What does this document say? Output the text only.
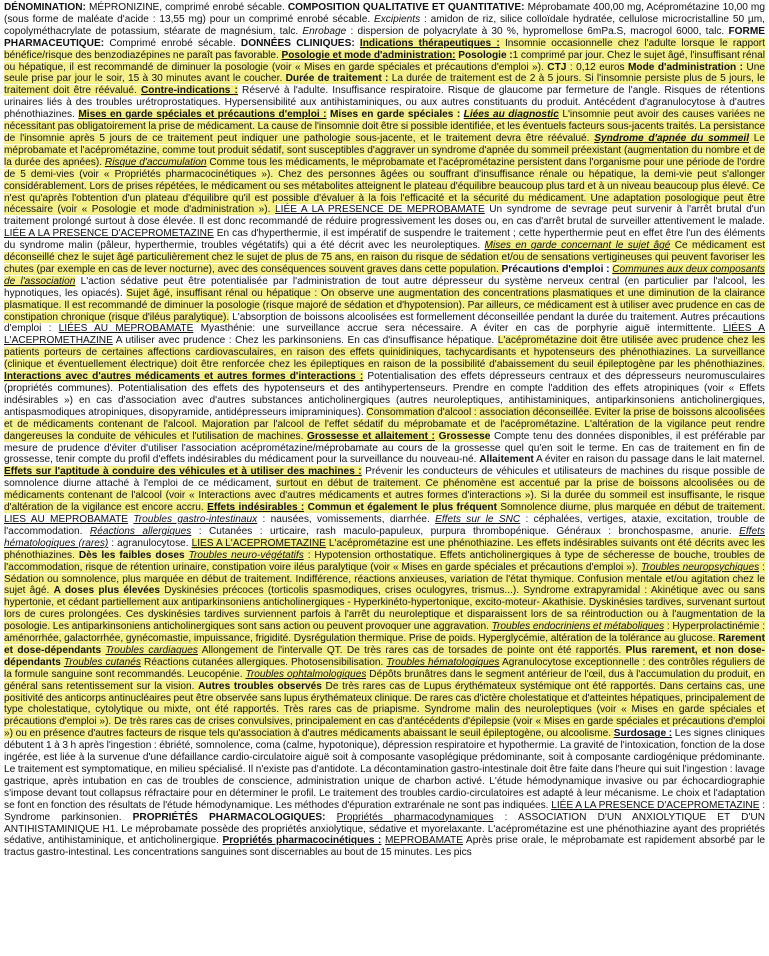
DÉNOMINATION: MÉPRONIZINE, comprimé enrobé sécable. COMPOSITION QUALITATIVE ET QUANTITATIVE: Méprobamate 400,00 mg, Acéprométazine 10,00 mg (sous forme de maléate d'acide : 13,55 mg) pour un comprimé enrobé sécable. Excipients : amidon de riz, silice colloïdale hydratée, cellulose microcristalline 50 µm, copolyméthacrylate de potassium, stéarate de magnésium, talc. Enrobage : dispersion de polyacrylate à 30 %, hypromellose 6mPa.S, macrogol 6000, talc. FORME PHARMACEUTIQUE: Comprimé enrobé sécable. DONNÉES CLINIQUES: Indications thérapeutiques : Insomnie occasionnelle chez l'adulte lorsque le rapport bénéfice/risque des benzodiazépines ne paraît pas favorable. Posologie et mode d'administration: Posologie :1 comprimé par jour. Chez le sujet âgé, l'insuffisant rénal ou hépatique, il est recommandé de diminuer la posologie (voir « Mises en garde spéciales et précautions d'emploi »). CTJ : 0,12 euros Mode d'administration : Une seule prise par jour le soir, 15 à 30 minutes avant le coucher. Durée de traitement : La durée de traitement est de 2 à 5 jours. Si l'insomnie persiste plus de 5 jours, le traitement doit être réévalué. Contre-indications : Réservé à l'adulte. Insuffisance respiratoire. Risque de glaucome par fermeture de l'angle. Risques de rétentions urinaires liés à des troubles urétroprostatiques. Hypersensibilité aux antihistaminiques, ou aux autres constituants du produit. Antécédent d'agranulocytose à d'autres phénothiazines. Mises en garde spéciales et précautions d'emploi : Mises en garde spéciales : Liées au diagnostic L'insomnie peut avoir des causes variées ne nécessitant pas obligatoirement la prise de médicament. La cause de l'insomnie doit être si possible identifiée, et les éventuels facteurs sous-jacents traités. La persistance de l'insomnie après 5 jours de ce traitement peut indiquer une pathologie sous-jacente, et le traitement devra être réévalué. Syndrome d'apnée du sommeil Le méprobamate et l'acéprométazine, comme tout produit sédatif, sont susceptibles d'aggraver un syndrome d'apnée du sommeil préexistant (augmentation du nombre et de la durée des apnées). Risque d'accumulation Comme tous les médicaments, le méprobamate et l'acéprométazine persistent dans l'organisme pour une période de l'ordre de 5 demi-vies (voir « Propriétés pharmacocinétiques »). Chez des personnes âgées ou souffrant d'insuffisance rénale ou hépatique, la demi-vie peut s'allonger considérablement. Lors de prises répétées, le médicament ou ses métabolites atteignent le plateau d'équilibre beaucoup plus tard et à un niveau beaucoup plus élevé. Ce n'est qu'après l'obtention d'un plateau d'équilibre qu'il est possible d'évaluer à la fois l'efficacité et la sécurité du médicament. Une adaptation posologique peut être nécessaire (voir « Posologie et mode d'administration »). LIÉE A LA PRESENCE DE MEPROBAMATE Un syndrome de sevrage peut survenir à l'arrêt brutal d'un traitement prolongé surtout à dose élevée. Il est donc recommandé de réduire progressivement les doses ou, en cas d'arrêt brutal de surveiller attentivement le malade. LIÉE A LA PRESENCE D'ACEPROMETAZINE En cas d'hyperthermie, il est impératif de suspendre le traitement ; cette hyperthermie peut en effet être l'un des éléments du syndrome malin (pâleur, hyperthermie, troubles végétatifs) qui a été décrit avec les neuroleptiques. Mises en garde concernant le sujet âgé Ce médicament est déconseillé chez le sujet âgé particulièrement chez le sujet de plus de 75 ans, en raison du risque de sédation et/ou de sensations vertigineuses qui peuvent favoriser les chutes (par exemple en cas de lever nocturne), avec des conséquences souvent graves dans cette population. Précautions d'emploi : Communes aux deux composants de l'association L'action sédative peut être potentialisée par l'administration de tout autre dépresseur du système nerveux central (en particulier par l'alcool, les hypnotiques, les opiacés). Sujet âgé, insuffisant rénal ou hépatique : On observe une augmentation des concentrations plasmatiques et une diminution de la clairance plasmatique. Il est recommandé de diminuer la posologie (risque majoré de sédation et d'hypotension). Par ailleurs, ce médicament est à utiliser avec prudence en cas de constipation chronique (risque d'iléus paralytique). L'absorption de boissons alcoolisées est formellement déconseillée pendant la durée du traitement. Autres précautions d'emploi : LIÉES AU MEPROBAMATE Myasthénie: une surveillance accrue sera nécessaire. A éviter en cas de porphyrie aiguë intermittente. LIÉES A L'ACEPROMETHAZINE A utiliser avec prudence : Chez les parkinsoniens. En cas d'insuffisance hépatique. L'acéprométazine doit être utilisée avec prudence chez les patients porteurs de certaines affections cardiovasculaires, en raison des effets quinidiniques, tachycardisants et hypotenseurs des phénothiazines. La surveillance (clinique et éventuellement électrique) doit être renforcée chez les épileptiques en raison de la possibilité d'abaissement du seuil épileptogène par les phénothiazines. Interactions avec d'autres médicaments et autres formes d'interactions : Potentialisation des effets dépresseurs centraux et des dépresseurs neuromusculaires (propriétés communes). Potentialisation des effets des hypotenseurs et des antihypertenseurs. Prendre en compte l'addition des effets atropiniques (voir « Effets indésirables ») en cas d'association avec d'autres substances anticholinergiques (autres neuroleptiques, antihistaminiques, antiparkinsoniens anticholinergiques, antispasmodiques atropiniques, disopyramide, antidépresseurs imipraminiques). Consommation d'alcool : association déconseillée. Eviter la prise de boissons alcoolisées et de médicaments contenant de l'alcool. Majoration par l'alcool de l'effet sédatif du méprobamate et de l'acéprométazine. L'altération de la vigilance peut rendre dangereuses la conduite de véhicules et l'utilisation de machines. Grossesse et allaitement : Grossesse Compte tenu des données disponibles, il est préférable par mesure de prudence d'éviter d'utiliser l'association acéprométazine/méprobamate au cours de la grossesse quel qu'en soit le terme. En cas de traitement en fin de grossesse, tenir compte du profil d'effets indésirables du médicament pour la surveillance du nouveau-né. Allaitement A éviter en raison du passage dans le lait maternel. Effets sur l'aptitude à conduire des véhicules et à utiliser des machines : Prévenir les conducteurs de véhicules et utilisateurs de machines du risque possible de somnolence diurne attaché à l'emploi de ce médicament, surtout en début de traitement. Ce phénomène est accentué par la prise de boissons alcoolisées ou de médicaments contenant de l'alcool (voir « Interactions avec d'autres médicaments et autres formes d'interactions »). Si la durée du sommeil est insuffisante, le risque d'altération de la vigilance est encore accru. Effets indésirables : Commun et également le plus fréquent Somnolence diurne, plus marquée en début de traitement. LIES AU MEPROBAMATE Troubles gastro-intestinaux : nausées, vomissements, diarrhée. Effets sur le SNC : céphalées, vertiges, ataxie, excitation, trouble de l'accommodation. Réactions allergiques : Cutanées : urticaire, rash maculo-papuleux, purpura thrombopénique. Généraux : bronchospasme, anurie. Effets hématologiques (rares) : agranulocytose. LIES A L'ACEPROMETAZINE L'acéprométazine est une phénothiazine. Les effets indésirables suivants ont été décrits avec les phénothiazines. Dès les faibles doses Troubles neuro-végétatifs : Hypotension orthostatique. Effets anticholinergiques à type de sécheresse de bouche, troubles de l'accommodation, risque de rétention urinaire, constipation voire iléus paralytique (voir « Mises en garde spéciales et précautions d'emploi »). Troubles neuropsychiques : Sédation ou somnolence, plus marquée en début de traitement. Indifférence, réactions anxieuses, variation de l'état thymique. Confusion mentale et/ou agitation chez le sujet âgé. A doses plus élevées Dyskinésies précoces (torticolis spasmodiques, crises oculogyres, trismus...). Syndrome extrapyramidal : Akinétique avec ou sans hypertonie, et cédant partiellement aux antiparkinsoniens anticholinergiques - Hyperkinéto-hypertonique, excito-moteur- Akathisie. Dyskinésies tardives, survenant surtout lors de cures prolongées. Ces dyskinésies tardives surviennent parfois à l'arrêt du neuroleptique et disparaissent lors de sa réintroduction ou à l'augmentation de la posologie. Les antiparkinsoniens anticholinergiques sont sans action ou peuvent provoquer une aggravation. Troubles endocriniens et métaboliques : Hyperprolactinémie : aménorrhée, galactorrhée, gynécomastie, impuissance, frigidité. Dysrégulation thermique. Prise de poids. Hyperglycémie, altération de la tolérance au glucose. Rarement et dose-dépendants Troubles cardiaques Allongement de l'intervalle QT. De très rares cas de torsades de pointe ont été rapportés. Plus rarement, et non dose-dépendants Troubles cutanés Réactions cutanées allergiques. Photosensibilisation. Troubles hématologiques Agranulocytose exceptionnelle : des contrôles réguliers de la formule sanguine sont recommandés. Leucopénie. Troubles ophtalmologiques Dépôts brunâtres dans le segment antérieur de l'œil, dus à l'accumulation du produit, en général sans retentissement sur la vision. Autres troubles observés De très rares cas de Lupus érythémateux systémique ont été rapportés. Dans certains cas, une positivité des anticorps antinucléaires peut être observée sans lupus érythémateux clinique. De rares cas d'ictère cholestatique et d'atteintes hépatiques, principalement de type cholestatique, cytolytique ou mixte, ont été rapportés. Très rares cas de priapisme. Syndrome malin des neuroleptiques (voir « Mises en garde spéciales et précautions d'emploi »). De très rares cas de crises convulsives, principalement en cas d'antécédents d'épilepsie (voir « Mises en garde spéciales et précautions d'emploi ») ou en présence d'autres facteurs de risque tels qu'association à d'autres médicaments abaissant le seuil épileptogène, ou alcoolisme. Surdosage : Les signes cliniques débutent 1 à 3 h après l'ingestion : ébriété, somnolence, coma (calme, hypotonique), dépression respiratoire et hypothermie. La gravité de l'intoxication, fonction de la dose ingérée, est liée à la survenue d'une défaillance cardio-circulatoire aiguë soit à composante vasoplégique prédominante, soit à composante cardiogénique prédominante. Le traitement est symptomatique, en milieu spécialisé. Il n'existe pas d'antidote. La décontamination gastro-intestinale doit être faite dans l'heure qui suit l'ingestion : lavage gastrique, après intubation en cas de troubles de conscience, administration unique de charbon activé. L'étude hémodynamique invasive ou par échocardiographie s'impose devant tout collapsus réfractaire pour en déterminer le profil. Le traitement des troubles cardio-circulatoires est adapté à leur mécanisme. Le choix et l'adaptation se font en fonction des résultats de l'étude hémodynamique. Les méthodes d'épuration extrarénale ne sont pas indiquées. LIÉE A LA PRESENCE D'ACEPROMETAZINE : Syndrome parkinsonien. PROPRIÉTÉS PHARMACOLOGIQUES: Propriétés pharmacodynamiques : ASSOCIATION D'UN ANXIOLYTIQUE ET D'UN ANTIHISTAMINIQUE H1. Le méprobamate possède des propriétés anxiolytique, sédative et myorelaxante. L'acéprométazine est une phénothiazine ayant des propriétés sédative, antihistaminique, et anticholinergique. Propriétés pharmacocinétiques : MEPROBAMATE Après prise orale, le méprobamate est rapidement absorbé par le tractus gastro-intestinal. Les concentrations sanguines sont discernables au bout de 15 minutes. Les pics
